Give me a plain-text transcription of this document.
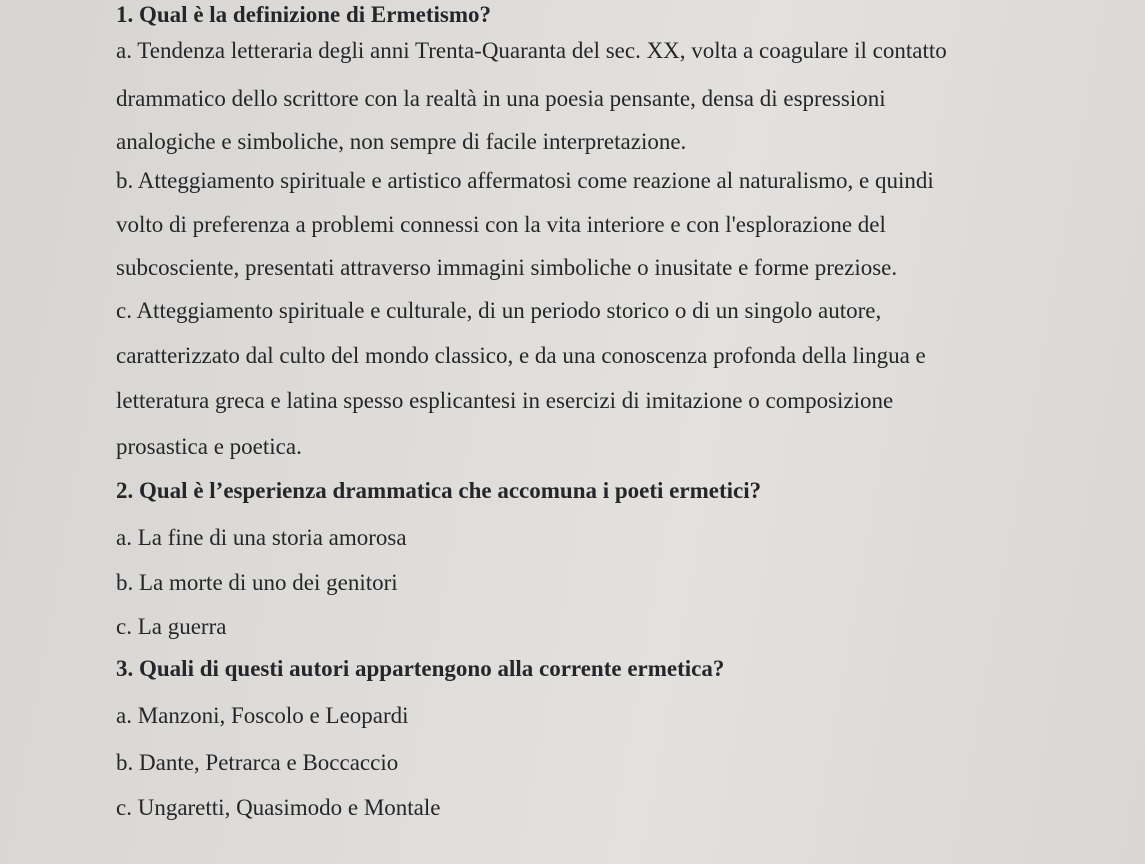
1. Qual è la definizione di Ermetismo?
a. Tendenza letteraria degli anni Trenta-Quaranta del sec. XX, volta a coagulare il contatto
drammatico dello scrittore con la realtà in una poesia pensante, densa di espressioni
analogiche e simboliche, non sempre di facile interpretazione.
b. Atteggiamento spirituale e artistico affermatosi come reazione al naturalismo, e quindi
volto di preferenza a problemi connessi con la vita interiore e con l'esplorazione del
subcosciente, presentati attraverso immagini simboliche o inusitate e forme preziose.
c. Atteggiamento spirituale e culturale, di un periodo storico o di un singolo autore,
caratterizzato dal culto del mondo classico, e da una conoscenza profonda della lingua e
letteratura greca e latina spesso esplicantesi in esercizi di imitazione o composizione
prosastica e poetica.
2. Qual è l’esperienza drammatica che accomuna i poeti ermetici?
a. La fine di una storia amorosa
b. La morte di uno dei genitori
c. La guerra
3. Quali di questi autori appartengono alla corrente ermetica?
a. Manzoni, Foscolo e Leopardi
b. Dante, Petrarca e Boccaccio
c. Ungaretti, Quasimodo e Montale
